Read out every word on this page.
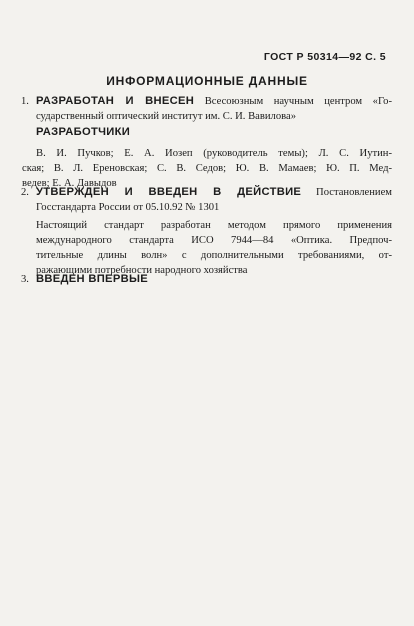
ГОСТ Р 50314—92 С. 5
ИНФОРМАЦИОННЫЕ ДАННЫЕ
1. РАЗРАБОТАН И ВНЕСЕН Всесоюзным научным центром «Го-
сударственный оптический институт им. С. И. Вавилова»
РАЗРАБОТЧИКИ
В. И. Пучков; Е. А. Иозеп (руководитель темы); Л. С. Иутин-
ская; В. Л. Ереновская; С. В. Седов; Ю. В. Мамаев; Ю. П. Мед-
ведев; Е. А. Давыдов
2. УТВЕРЖДЕН И ВВЕДЕН В ДЕЙСТВИЕ Постановлением
Госстандарта России от 05.10.92 № 1301
Настоящий стандарт разработан методом прямого применения
международного стандарта ИСО 7944—84 «Оптика. Предпоч-
тительные длины волн» с дополнительными требованиями, от-
ражающими потребности народного хозяйства
3. ВВЕДЕН ВПЕРВЫЕ
